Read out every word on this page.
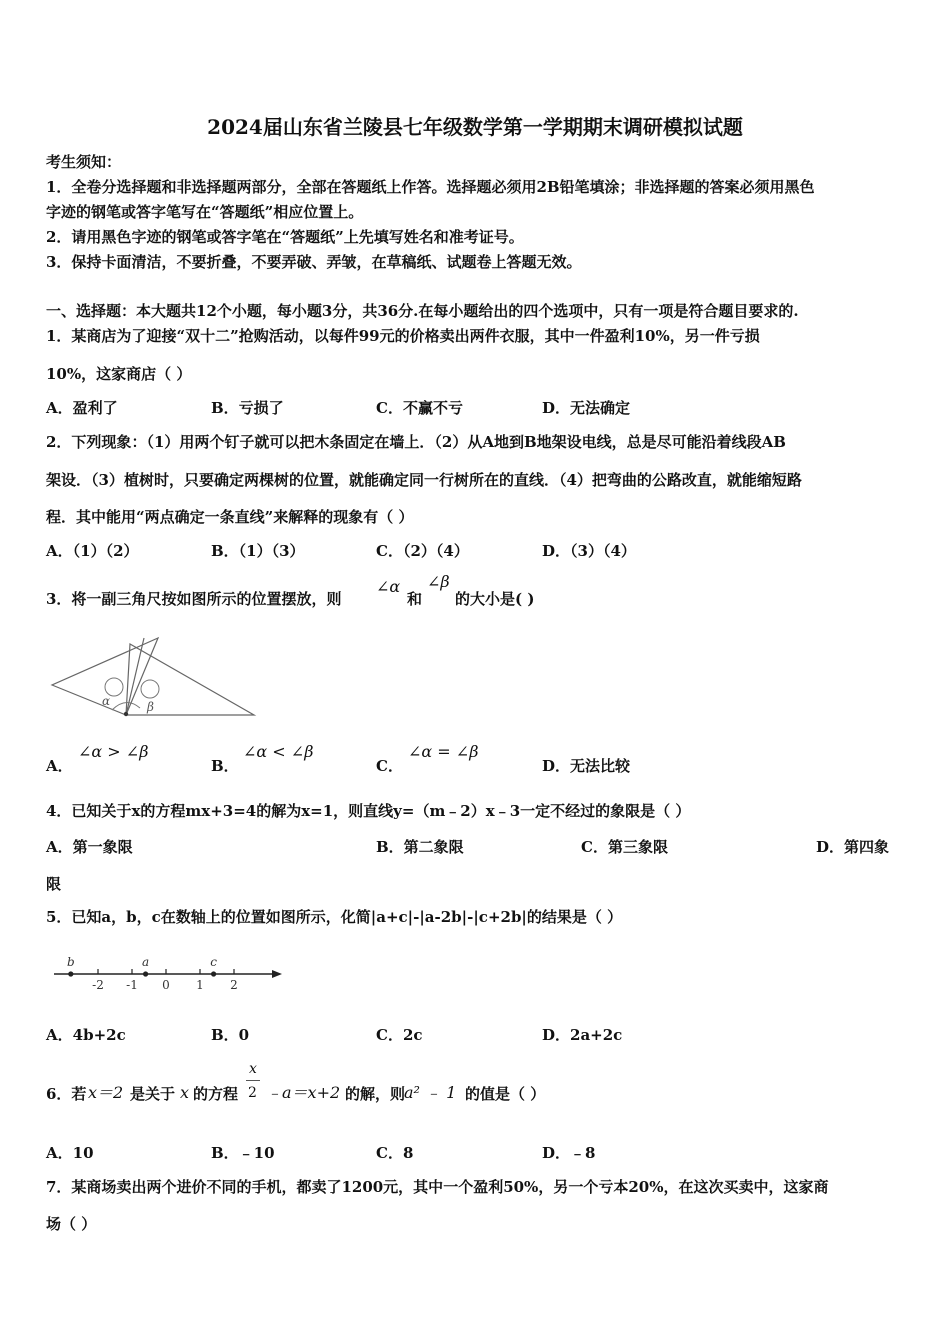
2024届山东省兰陵县七年级数学第一学期期末调研模拟试题
考生须知：
1．全卷分选择题和非选择题两部分，全部在答题纸上作答。选择题必须用2B铅笔填涂；非选择题的答案必须用黑色
字迹的钢笔或答字笔写在“答题纸”相应位置上。
2．请用黑色字迹的钢笔或答字笔在“答题纸”上先填写姓名和准考证号。
3．保持卡面清洁，不要折叠，不要弄破、弄皱，在草稿纸、试题卷上答题无效。
一、选择题：本大题共12个小题，每小题3分，共36分.在每小题给出的四个选项中，只有一项是符合题目要求的.
1．某商店为了迎接“双十二”抢购活动，以每件99元的价格卖出两件衣服，其中一件盈利10%，另一件亏损
10%，这家商店（ ）
A．盈利了	B．亏损了	C．不赢不亏	D．无法确定
2．下列现象：（1）用两个钉子就可以把木条固定在墙上．（2）从A地到B地架设电线，总是尽可能沿着线段AB
架设．（3）植树时，只要确定两棵树的位置，就能确定同一行树所在的直线．（4）把弯曲的公路改直，就能缩短路
程．其中能用“两点确定一条直线”来解释的现象有（ ）
A．（1）（2）	B．（1）（3）	C．（2）（4）	D．（3）（4）
3．将一副三角尺按如图所示的位置摆放，则
∠α
和
∠β
的大小是( )
α	β
A．
∠α > ∠β
B．
∠α < ∠β
C．
∠α = ∠β
D．无法比较
4．已知关于x的方程mx+3=4的解为x=1，则直线y=（m﹣2）x﹣3一定不经过的象限是（ ）
A．第一象限	B．第二象限	C．第三象限	D．第四象
限
5．已知a，b，c在数轴上的位置如图所示，化简|a+c|-|a-2b|-|c+2b|的结果是（ ）
-2 -1 0 1 2
b	a	c
A．4b+2c	B．0	C．2c	D．2a+2c
6．若 x＝2 是关于 x 的方程
x
2 ﹣a＝x+2 的解，则
a² ﹣ 1 的值是（ ）
A．10	B．﹣10	C．8	D．﹣8
7．某商场卖出两个进价不同的手机，都卖了1200元，其中一个盈利50%，另一个亏本20%，在这次买卖中，这家商
场（ ）
